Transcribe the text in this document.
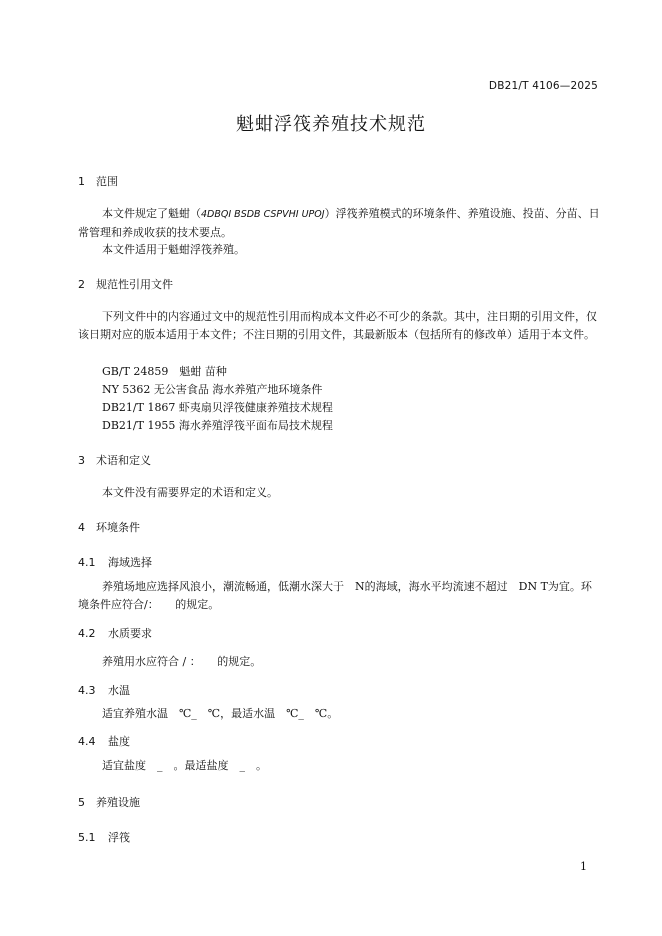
DB21/T 4106—2025
魁蚶浮筏养殖技术规范
1 范围
本文件规定了魁蚶（4DBQI BSDB CSPVHI UPOJ）浮筏养殖模式的环境条件、养殖设施、投苗、分苗、日常管理和养成收获的技术要点。
本文件适用于魁蚶浮筏养殖。
2 规范性引用文件
下列文件中的内容通过文中的规范性引用而构成本文件必不可少的条款。其中，注日期的引用文件，仅该日期对应的版本适用于本文件；不注日期的引用文件，其最新版本（包括所有的修改单）适用于本文件。
GB/T 24859　魁蚶 苗种
NY 5362 无公害食品 海水养殖产地环境条件
DB21/T 1867 虾夷扇贝浮筏健康养殖技术规程
DB21/T 1955 海水养殖浮筏平面布局技术规程
3 术语和定义
本文件没有需要界定的术语和定义。
4 环境条件
4.1 海域选择
养殖场地应选择风浪小，潮流畅通，低潮水深大于　N的海域，海水平均流速不超过　DN T为宜。环境条件应符合/：　　的规定。
4.2 水质要求
养殖用水应符合 / ：　　的规定。
4.3 水温
适宜养殖水温　℃_　℃，最适水温　℃_　℃。
4.4 盐度
适宜盐度　_　。最适盐度　_　。
5 养殖设施
5.1 浮筏
1
